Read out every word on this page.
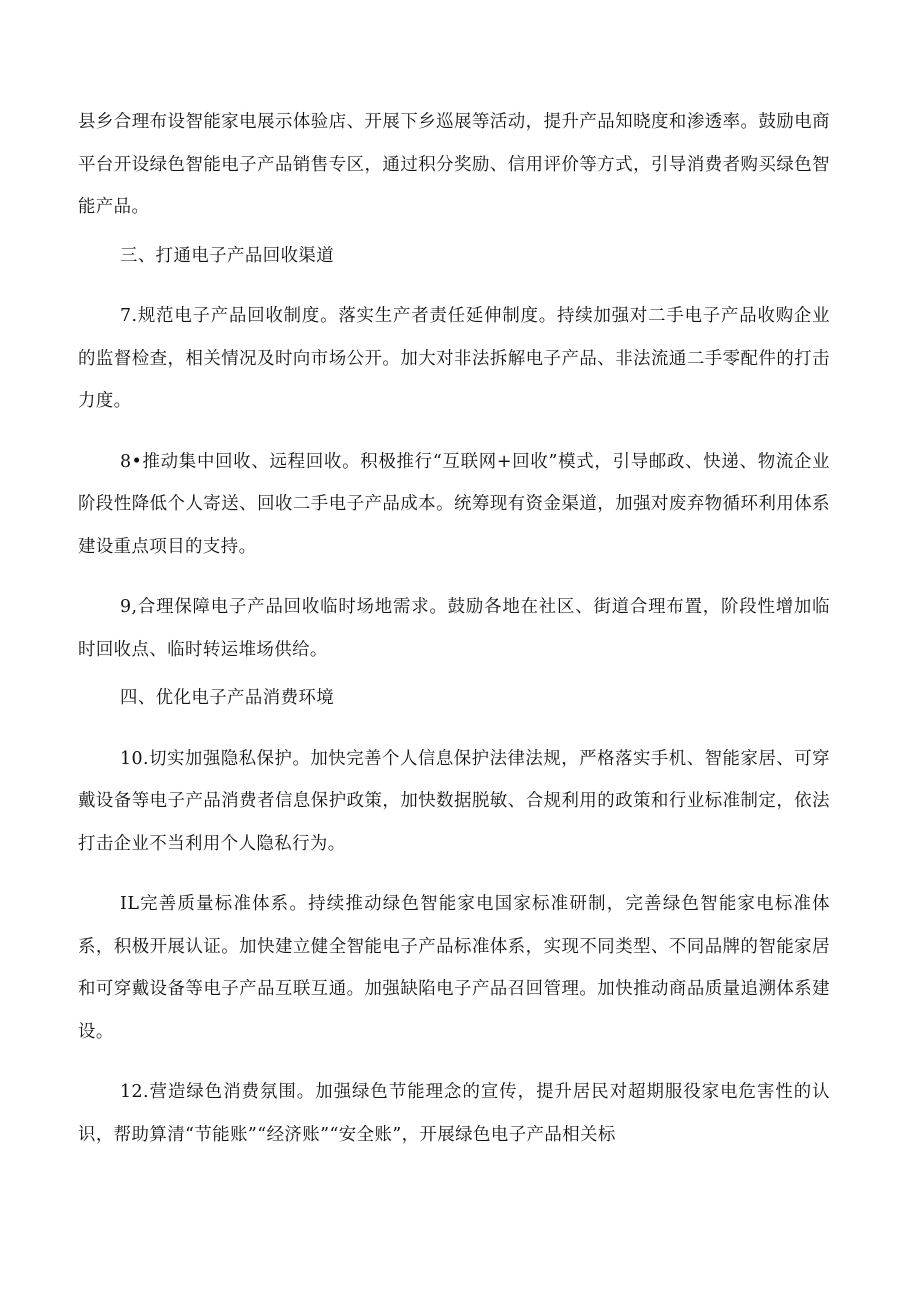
县乡合理布设智能家电展示体验店、开展下乡巡展等活动，提升产品知晓度和渗透率。鼓励电商平台开设绿色智能电子产品销售专区，通过积分奖励、信用评价等方式，引导消费者购买绿色智能产品。

三、打通电子产品回收渠道

7.规范电子产品回收制度。落实生产者责任延伸制度。持续加强对二手电子产品收购企业的监督检查，相关情况及时向市场公开。加大对非法拆解电子产品、非法流通二手零配件的打击力度。

8•推动集中回收、远程回收。积极推行“互联网+回收”模式，引导邮政、快递、物流企业阶段性降低个人寄送、回收二手电子产品成本。统筹现有资金渠道，加强对废弃物循环利用体系建设重点项目的支持。

9,合理保障电子产品回收临时场地需求。鼓励各地在社区、街道合理布置，阶段性增加临时回收点、临时转运堆场供给。

四、优化电子产品消费环境

10.切实加强隐私保护。加快完善个人信息保护法律法规，严格落实手机、智能家居、可穿戴设备等电子产品消费者信息保护政策，加快数据脱敏、合规利用的政策和行业标准制定，依法打击企业不当利用个人隐私行为。

IL完善质量标准体系。持续推动绿色智能家电国家标准研制，完善绿色智能家电标准体系，积极开展认证。加快建立健全智能电子产品标准体系，实现不同类型、不同品牌的智能家居和可穿戴设备等电子产品互联互通。加强缺陷电子产品召回管理。加快推动商品质量追溯体系建设。

12.营造绿色消费氛围。加强绿色节能理念的宣传，提升居民对超期服役家电危害性的认识，帮助算清“节能账”“经济账”“安全账”，开展绿色电子产品相关标
